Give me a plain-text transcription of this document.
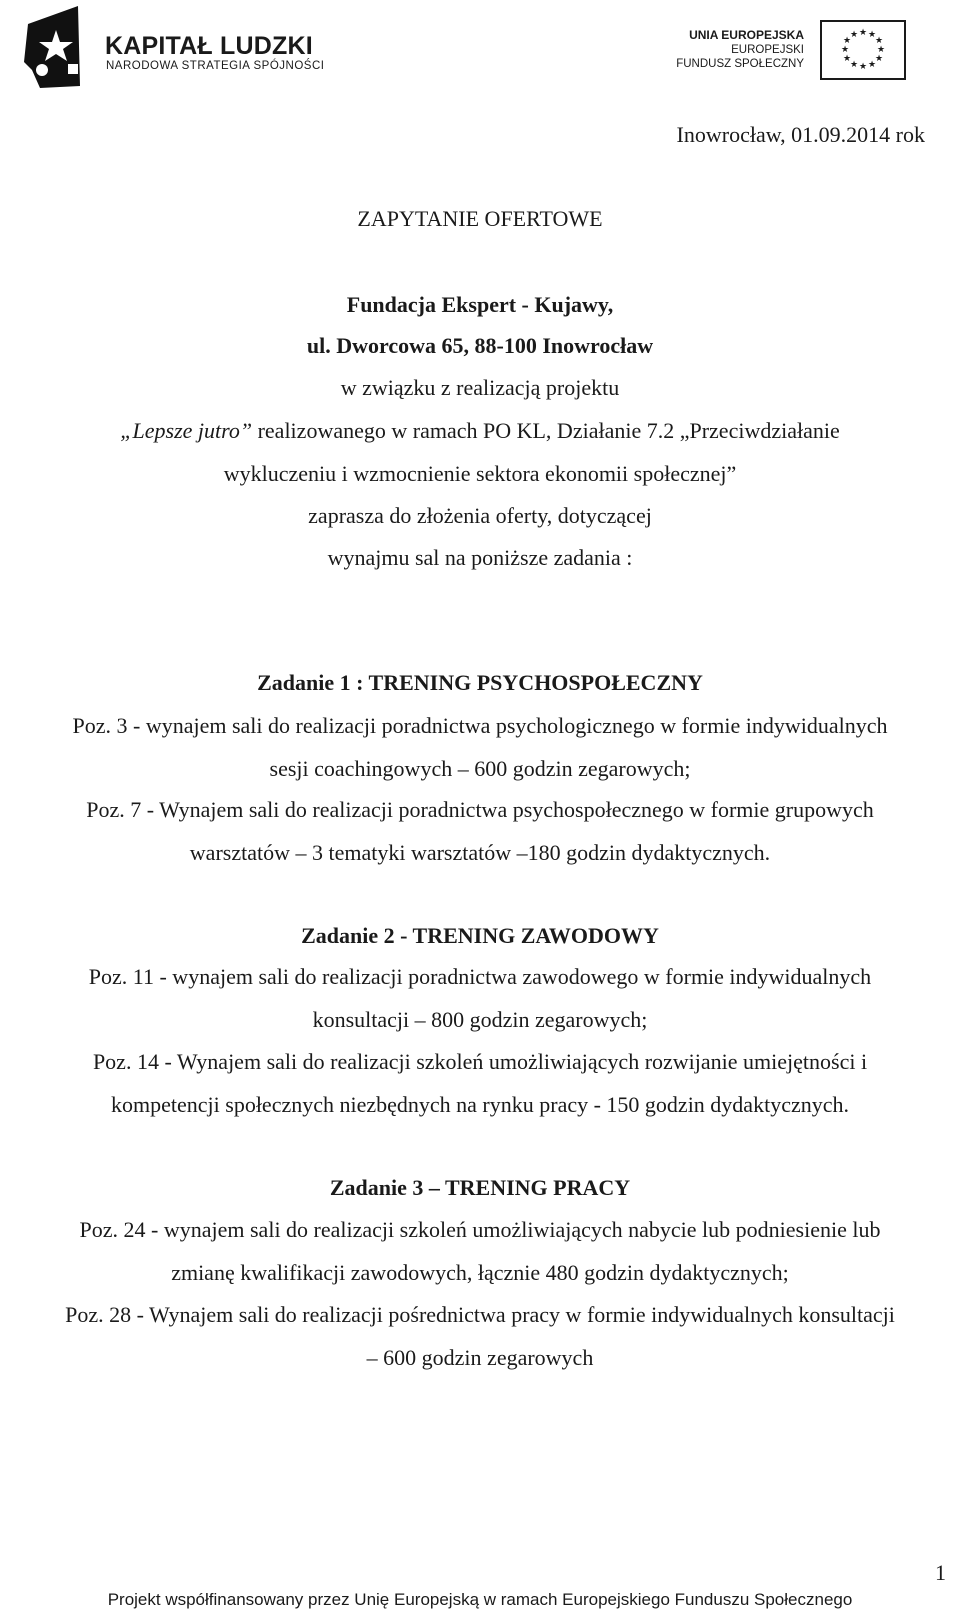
KAPITAŁ LUDZKI
NARODOWA STRATEGIA SPÓJNOŚCI
UNIA EUROPEJSKA
EUROPEJSKI
FUNDUSZ SPOŁECZNY
★ ★
★
★
★
★
★
★
★
★
★
★
Inowrocław, 01.09.2014 rok
ZAPYTANIE OFERTOWE
Fundacja Ekspert - Kujawy,
ul. Dworcowa 65, 88-100 Inowrocław
w związku z realizacją projektu
„Lepsze jutro” realizowanego w ramach PO KL, Działanie 7.2 „Przeciwdziałanie
wykluczeniu i wzmocnienie sektora ekonomii społecznej”
zaprasza do złożenia oferty, dotyczącej
wynajmu sal na poniższe zadania :
Zadanie 1 : TRENING PSYCHOSPOŁECZNY
Poz. 3 - wynajem sali do realizacji poradnictwa psychologicznego w formie indywidualnych
sesji coachingowych – 600 godzin zegarowych;
Poz. 7 - Wynajem sali do realizacji poradnictwa psychospołecznego w formie grupowych
warsztatów – 3 tematyki warsztatów –180 godzin dydaktycznych.
Zadanie 2 - TRENING ZAWODOWY
Poz. 11 - wynajem sali do realizacji poradnictwa zawodowego w formie indywidualnych
konsultacji – 800 godzin zegarowych;
Poz. 14 - Wynajem sali do realizacji szkoleń umożliwiających rozwijanie umiejętności i
kompetencji społecznych niezbędnych na rynku pracy - 150 godzin dydaktycznych.
Zadanie 3 – TRENING PRACY
Poz. 24 - wynajem sali do realizacji szkoleń umożliwiających nabycie lub podniesienie lub
zmianę kwalifikacji zawodowych, łącznie 480 godzin dydaktycznych;
Poz. 28 - Wynajem sali do realizacji pośrednictwa pracy w formie indywidualnych konsultacji
– 600 godzin zegarowych
1
Projekt współfinansowany przez Unię Europejską w ramach Europejskiego Funduszu Społecznego
